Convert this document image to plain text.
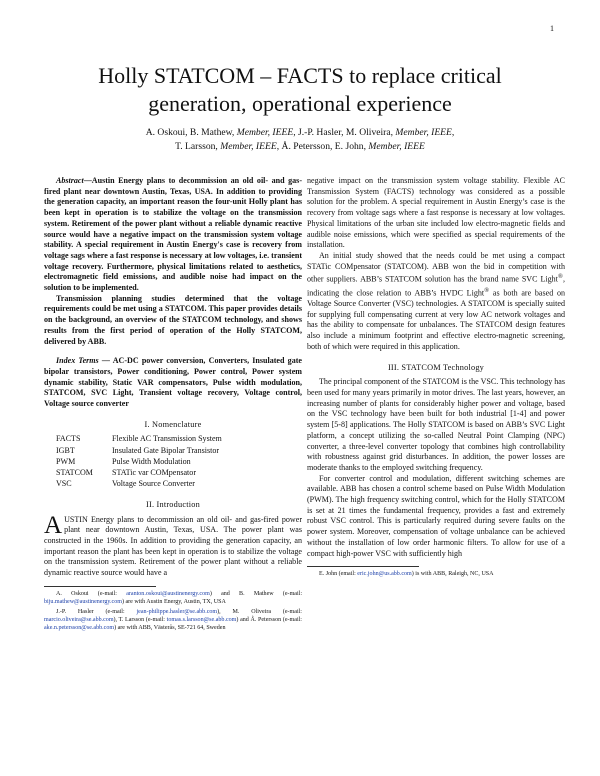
1
Holly STATCOM – FACTS to replace critical
generation, operational experience
A. Oskoui, B. Mathew, Member, IEEE, J.-P. Hasler, M. Oliveira, Member, IEEE,
T. Larsson, Member, IEEE, Å. Petersson, E. John, Member, IEEE

Abstract—Austin Energy plans to decommission an old oil- and gas-fired plant near downtown Austin, Texas, USA. In addition to providing the generation capacity, an important reason the four-unit Holly plant has been kept in operation is to stabilize the voltage on the transmission system. Retirement of the power plant without a reliable dynamic reactive source would have a negative impact on the transmission system voltage stability. A special requirement in Austin Energy's case is recovery from voltage sags where a fast response is necessary at low voltages, i.e. transient voltage recovery. Furthermore, physical limitations related to aesthetics, electromagnetic field emissions, and audible noise had impact on the solution to be implemented.

Transmission planning studies determined that the voltage requirements could be met using a STATCOM. This paper provides details on the background, an overview of the STATCOM technology, and shows results from the first period of operation of the Holly STATCOM, delivered by ABB.

Index Terms — AC-DC power conversion, Converters, Insulated gate bipolar transistors, Power conditioning, Power control, Power system dynamic stability, Static VAR compensators, Pulse width modulation, STATCOM, SVC Light, Transient voltage recovery, Voltage control, Voltage source converter

I. Nomenclature
FACTS	Flexible AC Transmission System
IGBT	Insulated Gate Bipolar Transistor
PWM	Pulse Width Modulation
STATCOM	STATic var COMpensator
VSC	Voltage Source Converter
II. Introduction

AUSTIN Energy plans to decommission an old oil- and gas-fired power plant near downtown Austin, Texas, USA. The power plant was constructed in the 1960s. In addition to providing the generation capacity, an important reason the plant has been kept in operation is to stabilize the voltage on the transmission system. Retirement of the power plant without a reliable dynamic reactive source would have a

A. Oskoui (e-mail: aranton.oskoui@austinenergy.com) and B. Mathew (e-mail: biju.mathew@austinenergy.com) are with Austin Energy, Austin, TX, USA

J.-P. Hasler (e-mail: jean-philippe.hasler@se.abb.com), M. Oliveira (e-mail: marcio.oliveira@se.abb.com), T. Larsson (e-mail: tomas.s.larsson@se.abb.com) and Å. Petersson (e-mail: ake.n.petersson@se.abb.com) are with ABB, Västerås, SE-721 64, Sweden

negative impact on the transmission system voltage stability. Flexible AC Transmission System (FACTS) technology was considered as a possible solution for the problem. A special requirement in Austin Energy’s case is the recovery from voltage sags where a fast response is necessary at low voltages. Physical limitations of the urban site included low electro-magnetic fields and audible noise emissions, which were specified as special requirements of the installation.

An initial study showed that the needs could be met using a compact STATic COMpensator (STATCOM). ABB won the bid in competition with other suppliers. ABB’s STATCOM solution has the brand name SVC Light®, indicating the close relation to ABB’s HVDC Light® as both are based on Voltage Source Converter (VSC) technologies. A STATCOM is specially suited for supplying full compensating current at very low AC network voltages and has the ability to compensate for unbalances. The STATCOM design features also include a minimum footprint and effective electro-magnetic screening, both of which were required in this application.

III. STATCOM Technology

The principal component of the STATCOM is the VSC. This technology has been used for many years primarily in motor drives. The last years, however, an increasing number of plants for considerably higher power and voltage, based on the VSC technology have been built for both industrial [1-4] and power system [5-8] applications. The Holly STATCOM is based on ABB’s SVC Light platform, a concept utilizing the so-called Neutral Point Clamping (NPC) converter, a three-level converter topology that combines high controllability with robustness against grid disturbances. In addition, the power losses are moderate thanks to the employed switching frequency.

For converter control and modulation, different switching schemes are available. ABB has chosen a control scheme based on Pulse Width Modulation (PWM). The high frequency switching control, which for the Holly STATCOM is set at 21 times the fundamental frequency, provides a fast and extremely robust VSC control. This is particularly required during severe faults on the power system. Moreover, compensation of voltage unbalance can be achieved without the installation of low order harmonic filters. To allow for use of a compact high-power VSC with sufficiently high

E. John (email: eric.john@us.abb.com) is with ABB, Raleigh, NC, USA
